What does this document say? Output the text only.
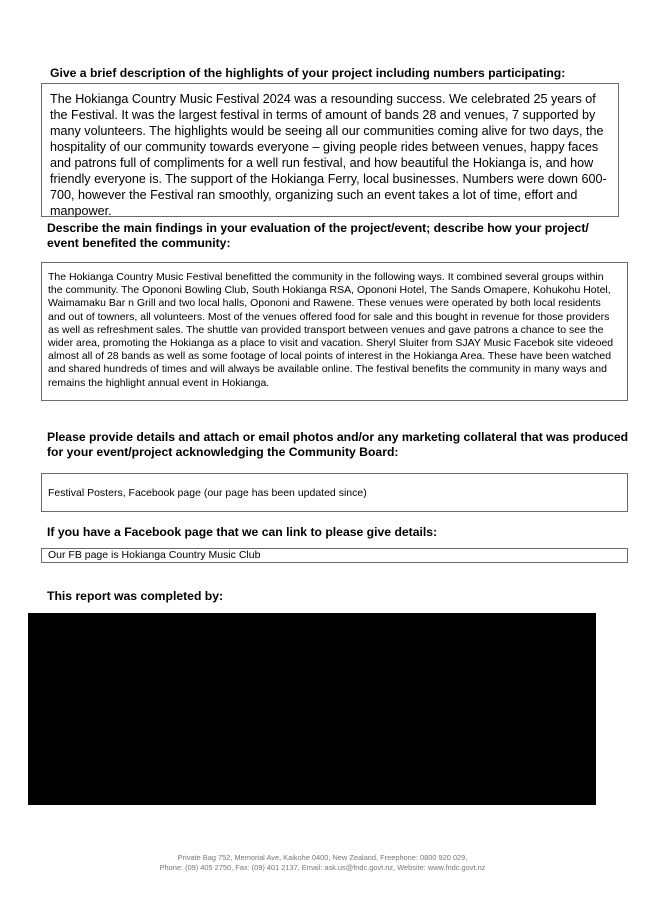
Give a brief description of the highlights of your project including numbers participating:
The Hokianga Country Music Festival 2024 was a resounding success. We celebrated 25 years of the Festival. It was the largest festival in terms of amount of bands 28 and venues, 7 supported by many volunteers. The highlights would be seeing all our communities coming alive for two days, the hospitality of our community towards everyone – giving people rides between venues, happy faces and patrons full of compliments for a well run festival, and how beautiful the Hokianga is, and how friendly everyone is. The support of the Hokianga Ferry, local businesses. Numbers were down 600-700, however the Festival ran smoothly, organizing such an event takes a lot of time, effort and manpower.
Describe the main findings in your evaluation of the project/event; describe how your project/
event benefited the community:
The Hokianga Country Music Festival benefitted the community in the following ways. It combined several groups within the community. The Opononi Bowling Club, South Hokianga RSA, Opononi Hotel, The Sands Omapere, Kohukohu Hotel, Waimamaku Bar n Grill and two local halls, Opononi and Rawene. These venues were operated by both local residents and out of towners, all volunteers. Most of the venues offered food for sale and this bought in revenue for those providers as well as refreshment sales. The shuttle van provided transport between venues and gave patrons a chance to see the wider area, promoting the Hokianga as a place to visit and vacation. Sheryl Sluiter from SJAY Music Facebok site videoed almost all of 28 bands as well as some footage of local points of interest in the Hokianga Area. These have been watched and shared hundreds of times and will always be available online. The festival benefits the community in many ways and remains the highlight annual event in Hokianga.
Please provide details and attach or email photos and/or any marketing collateral that was produced
for your event/project acknowledging the Community Board:
Festival Posters, Facebook page (our page has been updated since)
If you have a Facebook page that we can link to please give details:
Our FB page is Hokianga Country Music Club
This report was completed by:
Private Bag 752, Memorial Ave, Kaikohe 0400, New Zealand, Freephone: 0800 920 029,
Phone: (09) 405 2750, Fax: (09) 401 2137, Email: ask.us@fndc.govt.nz, Website: www.fndc.govt.nz
